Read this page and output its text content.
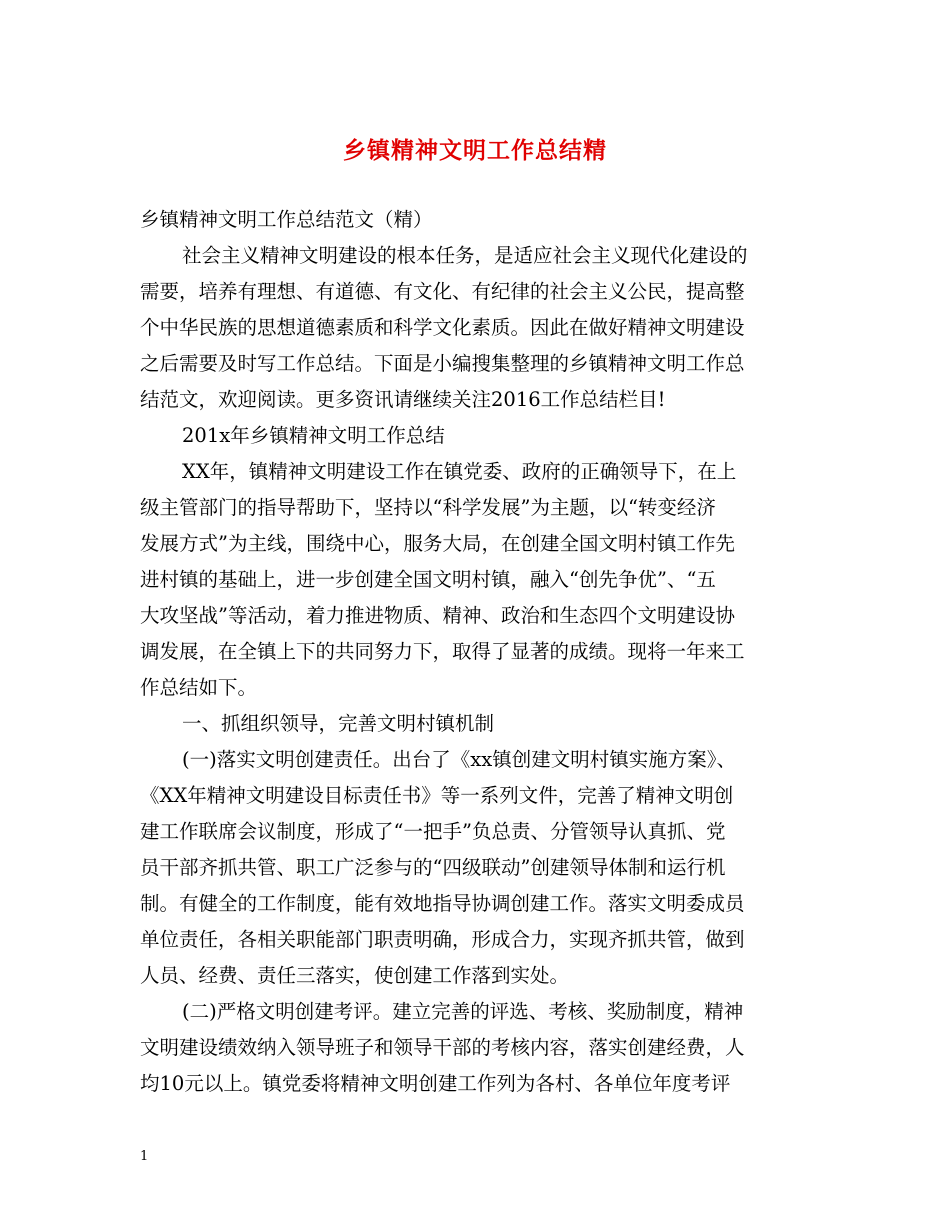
乡镇精神文明工作总结精
乡镇精神文明工作总结范文（精）
社会主义精神文明建设的根本任务，是适应社会主义现代化建设的
需要，培养有理想、有道德、有文化、有纪律的社会主义公民，提高整
个中华民族的思想道德素质和科学文化素质。因此在做好精神文明建设
之后需要及时写工作总结。下面是小编搜集整理的乡镇精神文明工作总
结范文，欢迎阅读。更多资讯请继续关注2016工作总结栏目!
201x年乡镇精神文明工作总结
XX年，镇精神文明建设工作在镇党委、政府的正确领导下，在上
级主管部门的指导帮助下，坚持以“科学发展”为主题，以“转变经济
发展方式”为主线，围绕中心，服务大局，在创建全国文明村镇工作先
进村镇的基础上，进一步创建全国文明村镇，融入“创先争优”、“五
大攻坚战”等活动，着力推进物质、精神、政治和生态四个文明建设协
调发展，在全镇上下的共同努力下，取得了显著的成绩。现将一年来工
作总结如下。
一、抓组织领导，完善文明村镇机制
(一)落实文明创建责任。出台了《xx镇创建文明村镇实施方案》、
《XX年精神文明建设目标责任书》等一系列文件，完善了精神文明创
建工作联席会议制度，形成了“一把手”负总责、分管领导认真抓、党
员干部齐抓共管、职工广泛参与的“四级联动”创建领导体制和运行机
制。有健全的工作制度，能有效地指导协调创建工作。落实文明委成员
单位责任，各相关职能部门职责明确，形成合力，实现齐抓共管，做到
人员、经费、责任三落实，使创建工作落到实处。
(二)严格文明创建考评。建立完善的评选、考核、奖励制度，精神
文明建设绩效纳入领导班子和领导干部的考核内容，落实创建经费，人
均10元以上。镇党委将精神文明创建工作列为各村、各单位年度考评
1
